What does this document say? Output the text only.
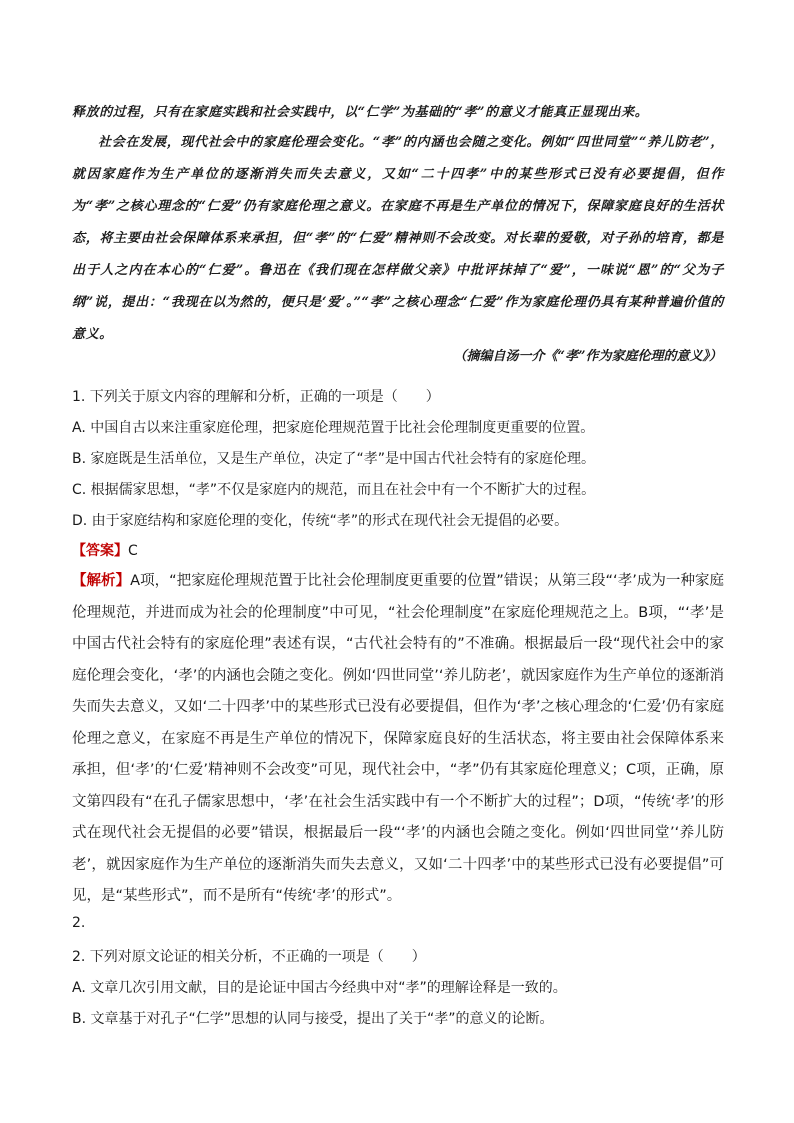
释放的过程，只有在家庭实践和社会实践中，以“仁学”为基础的“孝”的意义才能真正显现出来。
社会在发展，现代社会中的家庭伦理会变化。“孝”的内涵也会随之变化。例如“四世同堂”“养儿防老”，就因家庭作为生产单位的逐渐消失而失去意义，又如“二十四孝”中的某些形式已没有必要提倡，但作为“孝”之核心理念的“仁爱”仍有家庭伦理之意义。在家庭不再是生产单位的情况下，保障家庭良好的生活状态，将主要由社会保障体系来承担，但“孝”的“仁爱”精神则不会改变。对长辈的爱敬，对子孙的培育，都是出于人之内在本心的“仁爱”。鲁迅在《我们现在怎样做父亲》中批评抹掉了“爱”，一味说“恩”的“父为子纲”说，提出：“我现在以为然的，便只是‘爱’。”“孝”之核心理念“仁爱”作为家庭伦理仍具有某种普遍价值的意义。
（摘编自汤一介《“孝”作为家庭伦理的意义》）
1. 下列关于原文内容的理解和分析，正确的一项是（　　）
A. 中国自古以来注重家庭伦理，把家庭伦理规范置于比社会伦理制度更重要的位置。
B. 家庭既是生活单位，又是生产单位，决定了“孝”是中国古代社会特有的家庭伦理。
C. 根据儒家思想，“孝”不仅是家庭内的规范，而且在社会中有一个不断扩大的过程。
D. 由于家庭结构和家庭伦理的变化，传统“孝”的形式在现代社会无提倡的必要。
【答案】C
【解析】A项，“把家庭伦理规范置于比社会伦理制度更重要的位置”错误；从第三段“‘孝’成为一种家庭伦理规范，并进而成为社会的伦理制度”中可见，“社会伦理制度”在家庭伦理规范之上。B项，“‘孝’是中国古代社会特有的家庭伦理”表述有误，“古代社会特有的”不准确。根据最后一段“现代社会中的家庭伦理会变化，‘孝’的内涵也会随之变化。例如‘四世同堂’‘养儿防老’，就因家庭作为生产单位的逐渐消失而失去意义，又如‘二十四孝’中的某些形式已没有必要提倡，但作为‘孝’之核心理念的‘仁爱’仍有家庭伦理之意义，在家庭不再是生产单位的情况下，保障家庭良好的生活状态，将主要由社会保障体系来承担，但‘孝’的‘仁爱’精神则不会改变”可见，现代社会中，“孝”仍有其家庭伦理意义；C项，正确，原文第四段有“在孔子儒家思想中，‘孝’在社会生活实践中有一个不断扩大的过程”；D项，“传统‘孝’的形式在现代社会无提倡的必要”错误，根据最后一段“‘孝’的内涵也会随之变化。例如‘四世同堂’‘养儿防老’，就因家庭作为生产单位的逐渐消失而失去意义，又如‘二十四孝’中的某些形式已没有必要提倡”可见，是“某些形式”，而不是所有“传统‘孝’的形式”。
2.
2. 下列对原文论证的相关分析，不正确的一项是（　　）
A. 文章几次引用文献，目的是论证中国古今经典中对“孝”的理解诠释是一致的。
B. 文章基于对孔子“仁学”思想的认同与接受，提出了关于“孝”的意义的论断。
